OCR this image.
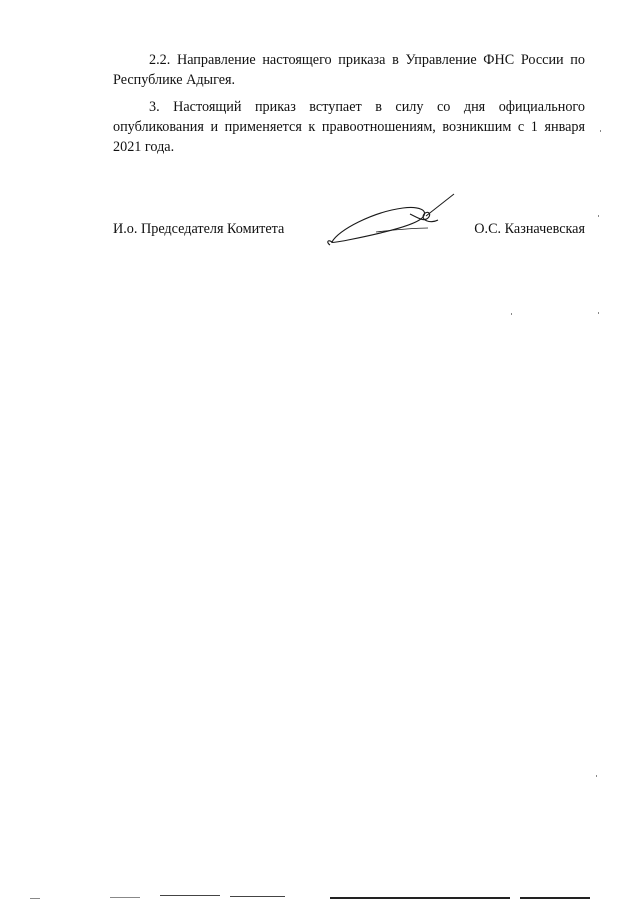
2.2. Направление настоящего приказа в Управление ФНС России по
Республике Адыгея.
3. Настоящий приказ вступает в силу со дня официального
опубликования и применяется к правоотношениям, возникшим с 1 января
2021 года.
И.о. Председателя Комитета	О.С. Казначевская
